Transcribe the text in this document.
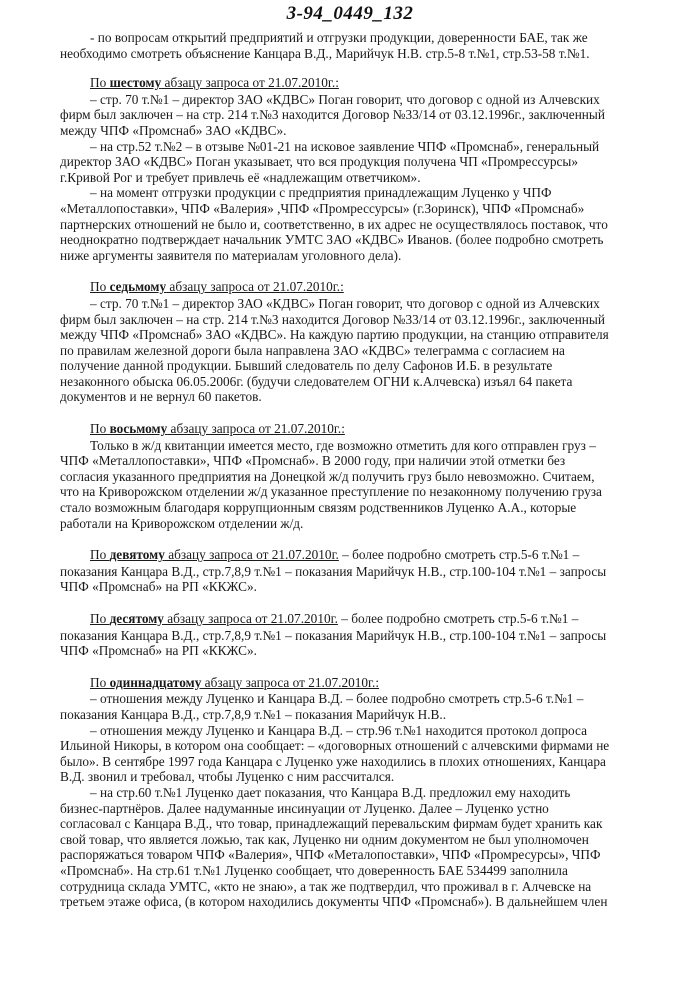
3-94_0449_132
- по вопросам открытий предприятий и отгрузки продукции, доверенности БАЕ, так же
необходимо смотреть объяснение Канцара В.Д., Марийчук Н.В. стр.5-8 т.№1, стр.53-58 т.№1.
По шестому абзацу запроса от 21.07.2010г.:
– стр. 70 т.№1 – директор ЗАО «КДВС» Поган говорит, что договор с одной из Алчевских
фирм был заключен – на стр. 214 т.№3 находится Договор №33/14 от 03.12.1996г., заключенный
между ЧПФ «Промснаб» ЗАО «КДВС».
– на стр.52 т.№2 – в отзыве №01-21 на исковое заявление ЧПФ «Промснаб», генеральный
директор ЗАО «КДВС» Поган указывает, что вся продукция получена ЧП «Промрессурсы»
г.Кривой Рог и требует привлечь её «надлежащим ответчиком».
– на момент отгрузки продукции с предприятия принадлежащим Луценко у ЧПФ
«Металлопоставки», ЧПФ «Валерия» ,ЧПФ «Промрессурсы» (г.Зоринск), ЧПФ «Промснаб»
партнерских отношений не было и, соответственно, в их адрес не осуществлялось поставок, что
неоднократно подтверждает начальник УМТС ЗАО «КДВС» Иванов. (более подробно смотреть
ниже аргументы заявителя по материалам уголовного дела).
По седьмому абзацу запроса от 21.07.2010г.:
– стр. 70 т.№1 – директор ЗАО «КДВС» Поган говорит, что договор с одной из Алчевских
фирм был заключен – на стр. 214 т.№3 находится Договор №33/14 от 03.12.1996г., заключенный
между ЧПФ «Промснаб» ЗАО «КДВС». На каждую партию продукции, на станцию отправителя
по правилам железной дороги была направлена ЗАО «КДВС» телеграмма с согласием на
получение данной продукции. Бывший следователь по делу Сафонов И.Б. в результате
незаконного обыска 06.05.2006г. (будучи следователем ОГНИ к.Алчевска) изъял 64 пакета
документов и не вернул 60 пакетов.
По восьмому абзацу запроса от 21.07.2010г.:
Только в ж/д квитанции имеется место, где возможно отметить для кого отправлен груз –
ЧПФ «Металлопоставки», ЧПФ «Промснаб». В 2000 году, при наличии этой отметки без
согласия указанного предприятия на Донецкой ж/д получить груз было невозможно. Считаем,
что на Криворожском отделении ж/д указанное преступление по незаконному получению груза
стало возможным благодаря коррупционным связям родственников Луценко А.А., которые
работали на Криворожском отделении ж/д.
По девятому абзацу запроса от 21.07.2010г. – более подробно смотреть стр.5-6 т.№1 –
показания Канцара В.Д., стр.7,8,9 т.№1 – показания Марийчук Н.В., стр.100-104 т.№1 – запросы
ЧПФ «Промснаб» на РП «ККЖС».
По десятому абзацу запроса от 21.07.2010г. – более подробно смотреть стр.5-6 т.№1 –
показания Канцара В.Д., стр.7,8,9 т.№1 – показания Марийчук Н.В., стр.100-104 т.№1 – запросы
ЧПФ «Промснаб» на РП «ККЖС».
По одиннадцатому абзацу запроса от 21.07.2010г.:
– отношения между Луценко и Канцара В.Д. – более подробно смотреть стр.5-6 т.№1 –
показания Канцара В.Д., стр.7,8,9 т.№1 – показания Марийчук Н.В..
– отношения между Луценко и Канцара В.Д. – стр.96 т.№1 находится протокол допроса
Ильиной Никоры, в котором она сообщает: – «договорных отношений с алчевскими фирмами не
было». В сентябре 1997 года Канцара с Луценко уже находились в плохих отношениях, Канцара
В.Д. звонил и требовал, чтобы Луценко с ним рассчитался.
– на стр.60 т.№1 Луценко дает показания, что Канцара В.Д. предложил ему находить
бизнес-партнёров. Далее надуманные инсинуации от Луценко. Далее – Луценко устно
согласовал с Канцара В.Д., что товар, принадлежащий перевальским фирмам будет хранить как
свой товар, что является ложью, так как, Луценко ни одним документом не был уполномочен
распоряжаться товаром ЧПФ «Валерия», ЧПФ «Металопоставки», ЧПФ «Промресурсы», ЧПФ
«Промснаб». На стр.61 т.№1 Луценко сообщает, что доверенность БАЕ 534499 заполнила
сотрудница склада УМТС, «кто не знаю», а так же подтвердил, что проживал в г. Алчевске на
третьем этаже офиса, (в котором находились документы ЧПФ «Промснаб»). В дальнейшем член
